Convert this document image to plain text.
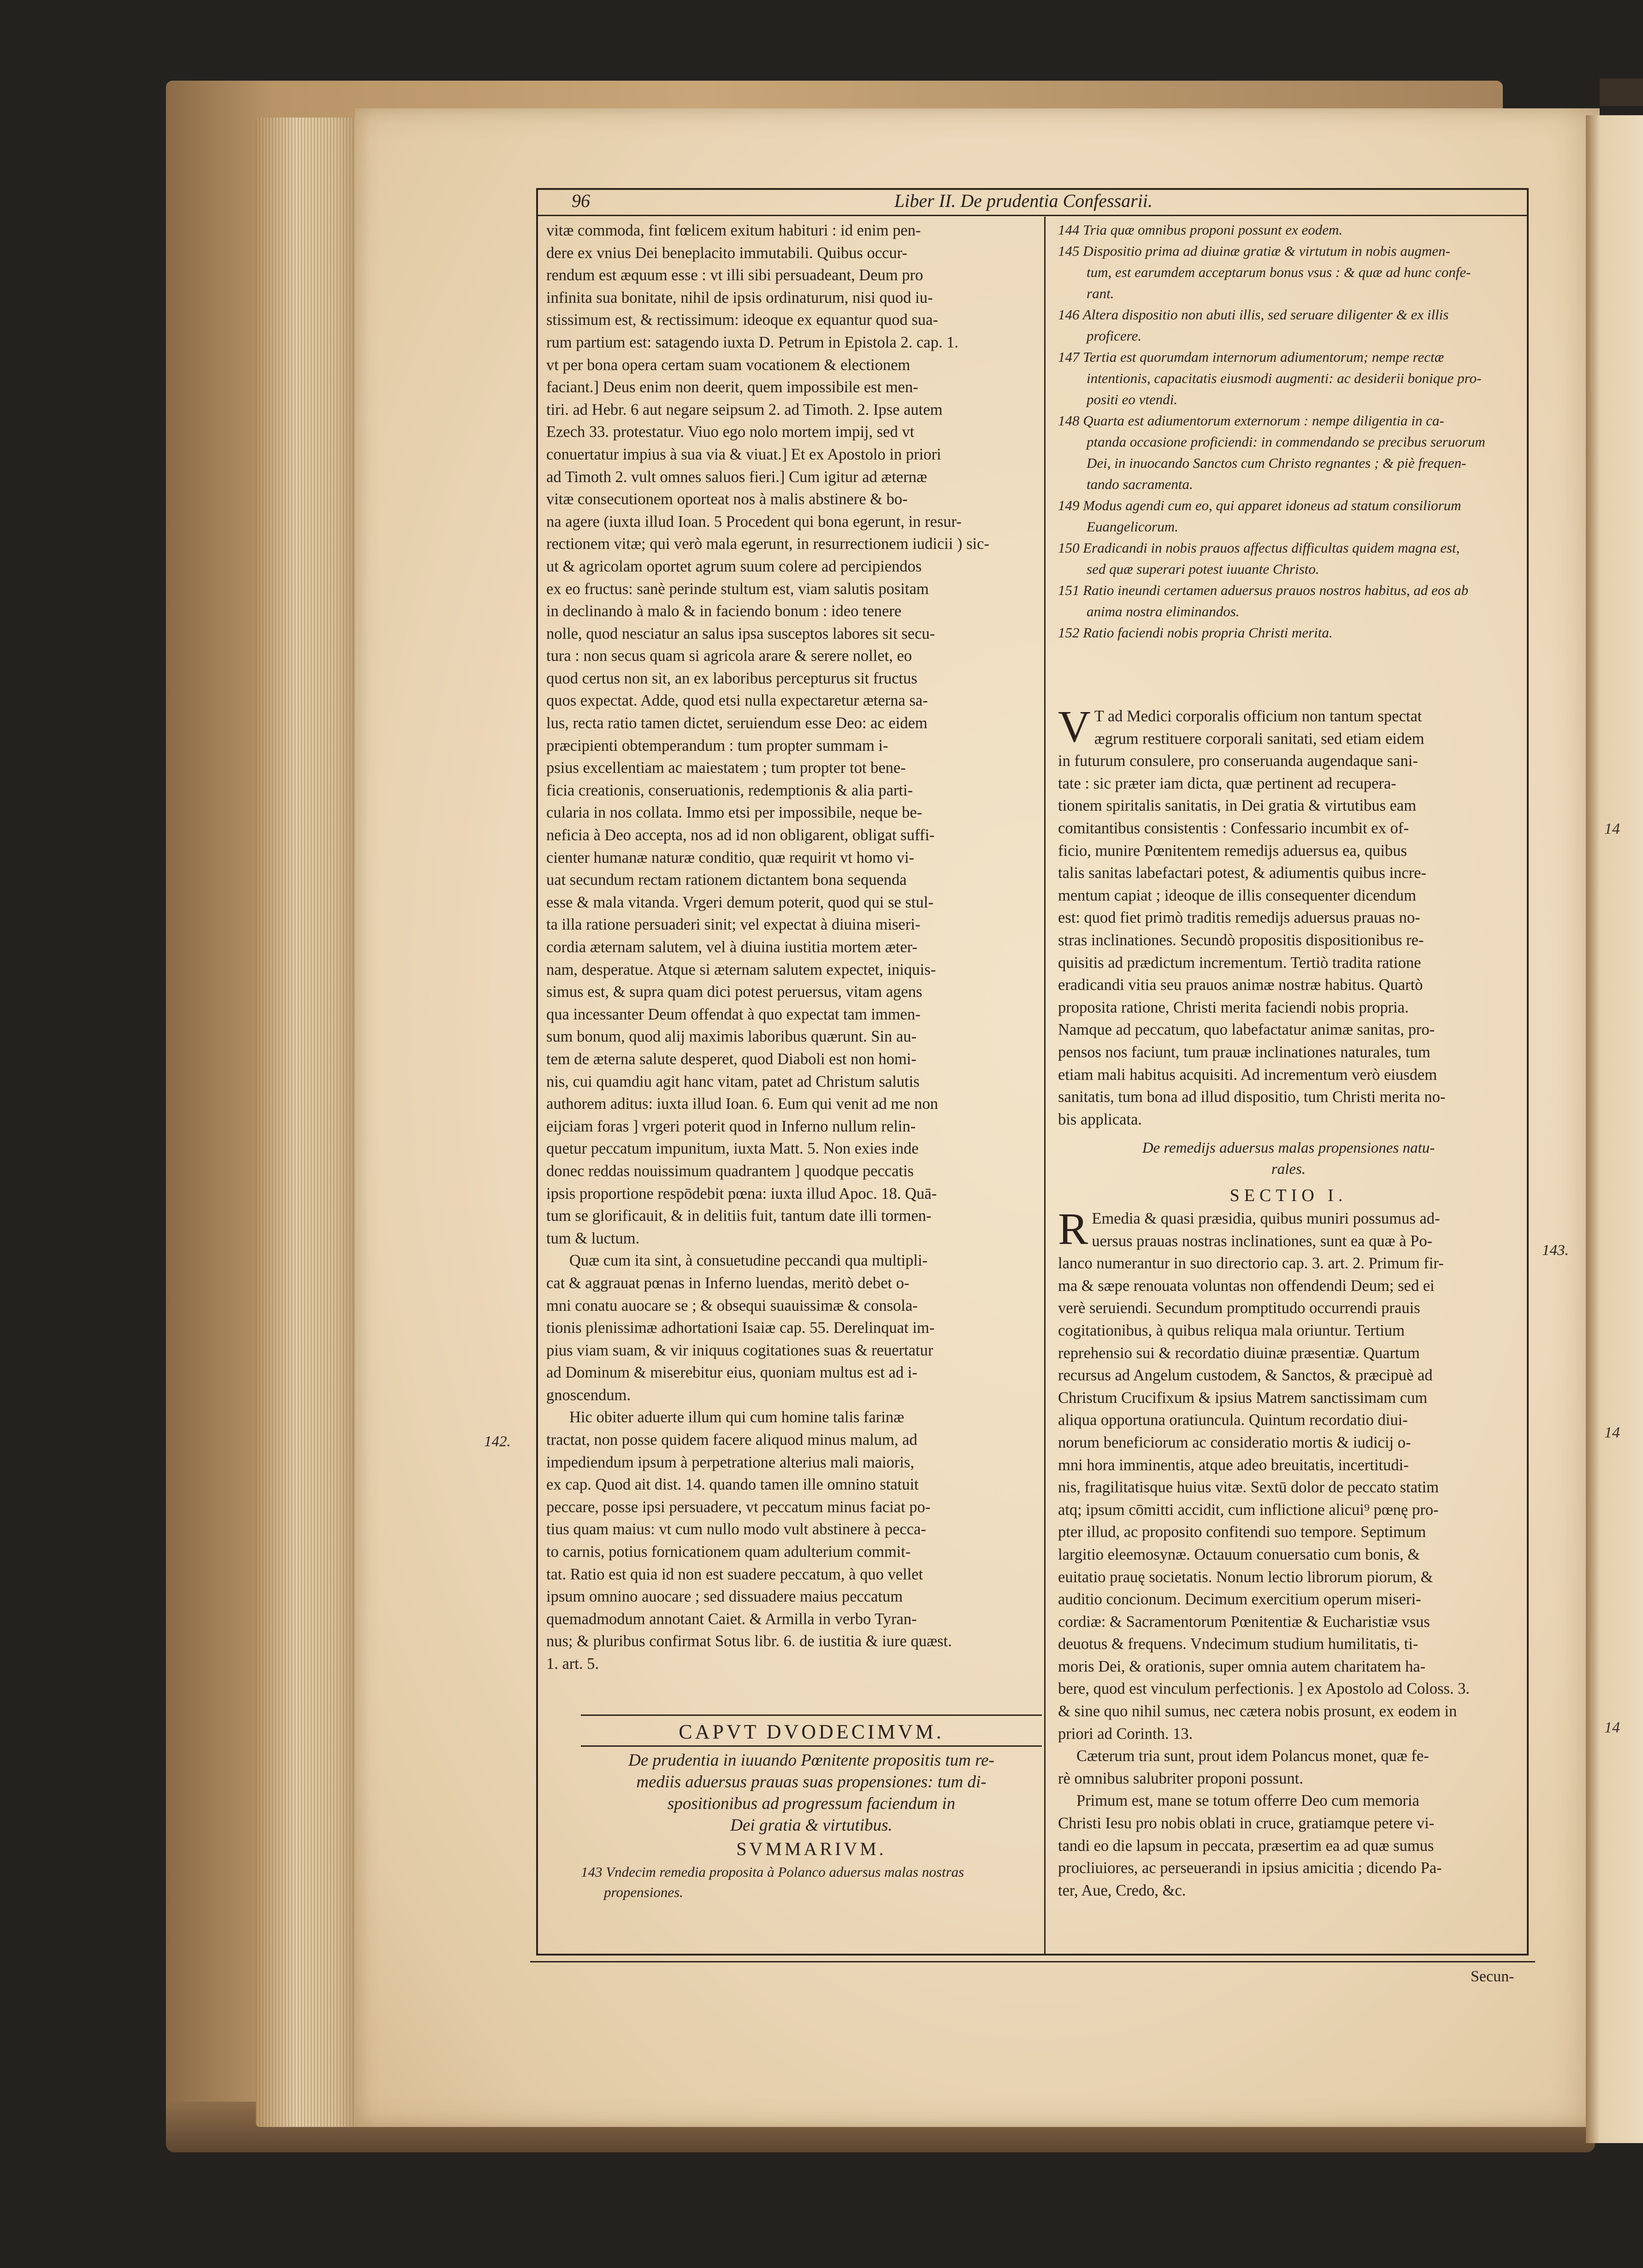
14
14
14
96	Liber II. De prudentia Confessarii.
vitæ commoda, fint fœlicem exitum habituri : id enim pen-
dere ex vnius Dei beneplacito immutabili. Quibus occur-
rendum est æquum esse : vt illi sibi persuadeant, Deum pro
infinita sua bonitate, nihil de ipsis ordinaturum, nisi quod iu-
stissimum est, & rectissimum: ideoque ex equantur quod sua-
rum partium est: satagendo iuxta D. Petrum in Epistola 2. cap. 1.
vt per bona opera certam suam vocationem & electionem
faciant.] Deus enim non deerit, quem impossibile est men-
tiri. ad Hebr. 6 aut negare seipsum 2. ad Timoth. 2. Ipse autem
Ezech 33. protestatur. Viuo ego nolo mortem impij, sed vt
conuertatur impius à sua via & viuat.] Et ex Apostolo in priori
ad Timoth 2. vult omnes saluos fieri.] Cum igitur ad æternæ
vitæ consecutionem oporteat nos à malis abstinere & bo-
na agere (iuxta illud Ioan. 5 Procedent qui bona egerunt, in resur-
rectionem vitæ; qui verò mala egerunt, in resurrectionem iudicii ) sic-
ut & agricolam oportet agrum suum colere ad percipiendos
ex eo fructus: sanè perinde stultum est, viam salutis positam
in declinando à malo & in faciendo bonum : ideo tenere
nolle, quod nesciatur an salus ipsa susceptos labores sit secu-
tura : non secus quam si agricola arare & serere nollet, eo
quod certus non sit, an ex laboribus percepturus sit fructus
quos expectat. Adde, quod etsi nulla expectaretur æterna sa-
lus, recta ratio tamen dictet, seruiendum esse Deo: ac eidem
præcipienti obtemperandum : tum propter summam i-
psius excellentiam ac maiestatem ; tum propter tot bene-
ficia creationis, conseruationis, redemptionis & alia parti-
cularia in nos collata. Immo etsi per impossibile, neque be-
neficia à Deo accepta, nos ad id non obligarent, obligat suffi-
cienter humanæ naturæ conditio, quæ requirit vt homo vi-
uat secundum rectam rationem dictantem bona sequenda
esse & mala vitanda. Vrgeri demum poterit, quod qui se stul-
ta illa ratione persuaderi sinit; vel expectat à diuina miseri-
cordia æternam salutem, vel à diuina iustitia mortem æter-
nam, desperatue. Atque si æternam salutem expectet, iniquis-
simus est, & supra quam dici potest peruersus, vitam agens
qua incessanter Deum offendat à quo expectat tam immen-
sum bonum, quod alij maximis laboribus quærunt. Sin au-
tem de æterna salute desperet, quod Diaboli est non homi-
nis, cui quamdiu agit hanc vitam, patet ad Christum salutis
authorem aditus: iuxta illud Ioan. 6. Eum qui venit ad me non
eijciam foras ] vrgeri poterit quod in Inferno nullum relin-
quetur peccatum impunitum, iuxta Matt. 5. Non exies inde
donec reddas nouissimum quadrantem ] quodque peccatis
ipsis proportione respōdebit pœna: iuxta illud Apoc. 18. Quā-
tum se glorificauit, & in delitiis fuit, tantum date illi tormen-
tum & luctum.
Quæ cum ita sint, à consuetudine peccandi qua multipli-
cat & aggrauat pœnas in Inferno luendas, meritò debet o-
mni conatu auocare se ; & obsequi suauissimæ & consola-
tionis plenissimæ adhortationi Isaiæ cap. 55. Derelinquat im-
pius viam suam, & vir iniquus cogitationes suas & reuertatur
ad Dominum & miserebitur eius, quoniam multus est ad i-
gnoscendum.
Hic obiter aduerte illum qui cum homine talis farinæ
tractat, non posse quidem facere aliquod minus malum, ad
impediendum ipsum à perpetratione alterius mali maioris,
ex cap. Quod ait dist. 14. quando tamen ille omnino statuit
peccare, posse ipsi persuadere, vt peccatum minus faciat po-
tius quam maius: vt cum nullo modo vult abstinere à pecca-
to carnis, potius fornicationem quam adulterium commit-
tat. Ratio est quia id non est suadere peccatum, à quo vellet
ipsum omnino auocare ; sed dissuadere maius peccatum
quemadmodum annotant Caiet. & Armilla in verbo Tyran-
nus; & pluribus confirmat Sotus libr. 6. de iustitia & iure quæst.
1. art. 5.
142.
143.
CAPVT DVODECIMVM.
De prudentia in iuuando Pœnitente propositis tum re-
mediis aduersus prauas suas propensiones: tum di-
spositionibus ad progressum faciendum in
Dei gratia & virtutibus.
SVMMARIVM.
143 Vndecim remedia proposita à Polanco aduersus malas nostras
propensiones.
144 Tria quæ omnibus proponi possunt ex eodem.
145 Dispositio prima ad diuinæ gratiæ & virtutum in nobis augmen-
tum, est earumdem acceptarum bonus vsus : & quæ ad hunc confe-
rant.
146 Altera dispositio non abuti illis, sed seruare diligenter & ex illis
proficere.
147 Tertia est quorumdam internorum adiumentorum; nempe rectæ
intentionis, capacitatis eiusmodi augmenti: ac desiderii bonique pro-
positi eo vtendi.
148 Quarta est adiumentorum externorum : nempe diligentia in ca-
ptanda occasione proficiendi: in commendando se precibus seruorum
Dei, in inuocando Sanctos cum Christo regnantes ; & piè frequen-
tando sacramenta.
149 Modus agendi cum eo, qui apparet idoneus ad statum consiliorum
Euangelicorum.
150 Eradicandi in nobis prauos affectus difficultas quidem magna est,
sed quæ superari potest iuuante Christo.
151 Ratio ineundi certamen aduersus prauos nostros habitus, ad eos ab
anima nostra eliminandos.
152 Ratio faciendi nobis propria Christi merita.
V T ad Medici corporalis officium non tantum spectat
ægrum restituere corporali sanitati, sed etiam eidem
in futurum consulere, pro conseruanda augendaque sani-
tate : sic præter iam dicta, quæ pertinent ad recupera-
tionem spiritalis sanitatis, in Dei gratia & virtutibus eam
comitantibus consistentis : Confessario incumbit ex of-
ficio, munire Pœnitentem remedijs aduersus ea, quibus
talis sanitas labefactari potest, & adiumentis quibus incre-
mentum capiat ; ideoque de illis consequenter dicendum
est: quod fiet primò traditis remedijs aduersus prauas no-
stras inclinationes. Secundò propositis dispositionibus re-
quisitis ad prædictum incrementum. Tertiò tradita ratione
eradicandi vitia seu prauos animæ nostræ habitus. Quartò
proposita ratione, Christi merita faciendi nobis propria.
Namque ad peccatum, quo labefactatur animæ sanitas, pro-
pensos nos faciunt, tum prauæ inclinationes naturales, tum
etiam mali habitus acquisiti. Ad incrementum verò eiusdem
sanitatis, tum bona ad illud dispositio, tum Christi merita no-
bis applicata.
De remedijs aduersus malas propensiones natu-
rales.
SECTIO I.
R Emedia & quasi præsidia, quibus muniri possumus ad-
uersus prauas nostras inclinationes, sunt ea quæ à Po-
lanco numerantur in suo directorio cap. 3. art. 2. Primum fir-
ma & sæpe renouata voluntas non offendendi Deum; sed ei
verè seruiendi. Secundum promptitudo occurrendi prauis
cogitationibus, à quibus reliqua mala oriuntur. Tertium
reprehensio sui & recordatio diuinæ præsentiæ. Quartum
recursus ad Angelum custodem, & Sanctos, & præcipuè ad
Christum Crucifixum & ipsius Matrem sanctissimam cum
aliqua opportuna oratiuncula. Quintum recordatio diui-
norum beneficiorum ac consideratio mortis & iudicij o-
mni hora imminentis, atque adeo breuitatis, incertitudi-
nis, fragilitatisque huius vitæ. Sextū dolor de peccato statim
atq; ipsum cōmitti accidit, cum inflictione alicui⁹ pœnę pro-
pter illud, ac proposito confitendi suo tempore. Septimum
largitio eleemosynæ. Octauum conuersatio cum bonis, &
euitatio prauę societatis. Nonum lectio librorum piorum, &
auditio concionum. Decimum exercitium operum miseri-
cordiæ: & Sacramentorum Pœnitentiæ & Eucharistiæ vsus
deuotus & frequens. Vndecimum studium humilitatis, ti-
moris Dei, & orationis, super omnia autem charitatem ha-
bere, quod est vinculum perfectionis. ] ex Apostolo ad Coloss. 3.
& sine quo nihil sumus, nec cætera nobis prosunt, ex eodem in
priori ad Corinth. 13.
Cæterum tria sunt, prout idem Polancus monet, quæ fe-
rè omnibus salubriter proponi possunt.
Primum est, mane se totum offerre Deo cum memoria
Christi Iesu pro nobis oblati in cruce, gratiamque petere vi-
tandi eo die lapsum in peccata, præsertim ea ad quæ sumus
procliuiores, ac perseuerandi in ipsius amicitia ; dicendo Pa-
ter, Aue, Credo, &c.
Secun-
